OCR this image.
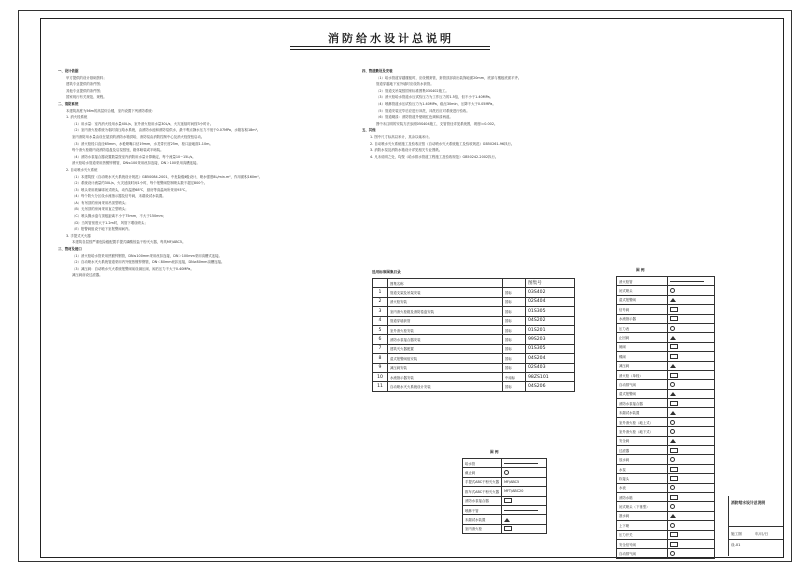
消防给水设计总说明
一、设计依据
甲方提供的设计基础资料；
建筑专业提供的条件图；
其他专业提供的条件图；
国家现行有关规范、规程。
二、消防系统
本建筑高度为56m的高层综合楼，室内设置下列消防系统：
1. 消火栓系统
（1）用水量：室内消火栓用水量40L/s，室外消火栓用水量30L/s，火灾延续时间按3小时计。
（2）室内消火栓系统为临时高压给水系统，由消防水池和消防泵供水，最不利点静水压力不低于0.07MPa，水箱容积18m³。
室内消防用水量由设在屋顶的消防水箱供给，消防泵由消防控制中心及消火栓按钮启动。
（3）消火栓栓口直径65mm，水枪喷嘴口径19mm，水龙带长度25m，栓口距地面1.10m。
每个消火栓箱内设消防卷盘及启泵按钮，箱体暗装或半暗装。
（4）消防水泵接合器设置数量按室内消防用水量计算确定，每个流量10~15L/s。
消火栓给水管道采用热镀锌钢管，DN≤100采用丝扣连接，DN＞100采用沟槽连接。
2. 自动喷水灭火系统
（1）本建筑按《自动喷水灭火系统设计规范》GB50084-2001，中危险级Ⅱ级设计，喷水强度8L/min.m²，作用面积160m²。
（2）系统设计流量约30L/s，火灾延续时间1小时，每个报警阀控制喷头数不超过800个。
（3）喷头采用玻璃球闭式喷头，动作温度68℃，厨房等高温场所采用93℃。
（4）每个防火分区设水流指示器及信号阀，末端设试水装置。
（A）有吊顶的房间采用吊顶型喷头；
（B）无吊顶的房间采用直立型喷头；
（C）喷头溅水盘与顶板距离不小于75mm，不大于150mm；
（D）当风管宽度大于1.2m时，风管下增设喷头；
（E）报警阀组设于地下室报警阀间内。
3. 手提式灭火器
本建筑各层按严重危险级配置手提式磷酸铵盐干粉灭火器，每具MF/ABC5。
三、管材及接口
（1）消火栓给水管采用热镀锌钢管，DN≤100mm采用丝扣连接，DN＞100mm采用沟槽式连接。
（2）自动喷水灭火系统管道采用内外壁热镀锌钢管，DN＜80mm丝扣连接，DN≥80mm沟槽连接。
（3）减压阀：自动喷水灭火系统报警阀前设减压阀，阀后压力不大于0.40MPa。
减压阀前设过滤器。
四、管道敷设及安装
（1）给水管道穿越楼板时，应设钢套管，套管顶部高出装饰地面20mm，底部与楼板底面平齐。
管道穿越地下室外墙时应设防水套管。
（2）管道支吊架按国家标准图集03S402施工。
（3）消火栓给水管道水压试验压力为工作压力的1.5倍，但不小于1.40MPa。
（4）喷淋管道水压试验压力为1.40MPa，稳压30min，压降不大于0.05MPa。
（5）管道安装完毕后应进行冲洗，冲洗后应对系统进行验收。
（6）管道刷漆：消防管道外壁刷红色调和漆两道。
图中未注明的安装方法参照05S404施工，支管管径详见系统图，坡度i=0.002。
五、其他
1. 图中尺寸标高以米计，其余以毫米计。
2. 自动喷水灭火系统施工及验收应按《自动喷水灭火系统施工及验收规范》GB50261-96执行。
3. 消防水泵及消防水箱设计详见相关专业图纸。
4. 凡未说明之处，均按《给水排水管道工程施工及验收规范》GB50242-2002执行。
选用标准图集目录
	图集名称		图集号
1	管道支架及吊架安装	国标	03S402
2	消火栓安装	国标	02S404
3	室内消火栓箱及消防卷盘安装	国标	01S305
4	管道穿墙套管	国标	04S202
5	室外消火栓安装	国标	01S201
6	消防水泵接合器安装	国标	99S203
7	建筑灭火器配置	国标	01S305
8	湿式报警阀组安装	国标	04S204
9	减压阀安装	国标	02S403
10	水流指示器安装	中南标	98ZS101
11	自动喷水灭火系统设计安装	国标	04S206
图 例
给水管	
截止阀	
手提式ABC干粉灭火器	MF/ABC5
推车式ABC干粉灭火器	MFT/ABC20
消防水泵接合器	
喷淋干管	
末端试水装置	
室内消火栓	
图 例
消火栓管	
闭式喷头	
湿式报警阀	
信号阀	
水流指示器	
压力表	
止回阀	
闸阀	
蝶阀	
减压阀	
消火栓（单栓）	
自动排气阀	
湿式报警阀	
消防水泵接合器	
末端试水装置	
室外消火栓（地上式）	
室外消火栓（地下式）	
安全阀	
过滤器	
放水阀	
水泵	
软接头	
水表	
消防水箱	
闭式喷头（下垂型）	
泄水阀	
上下喷	
压力开关	
安全信号阀	
自动排气阀	
消防给水设计总说明
施工图	年/月/日
设-01
